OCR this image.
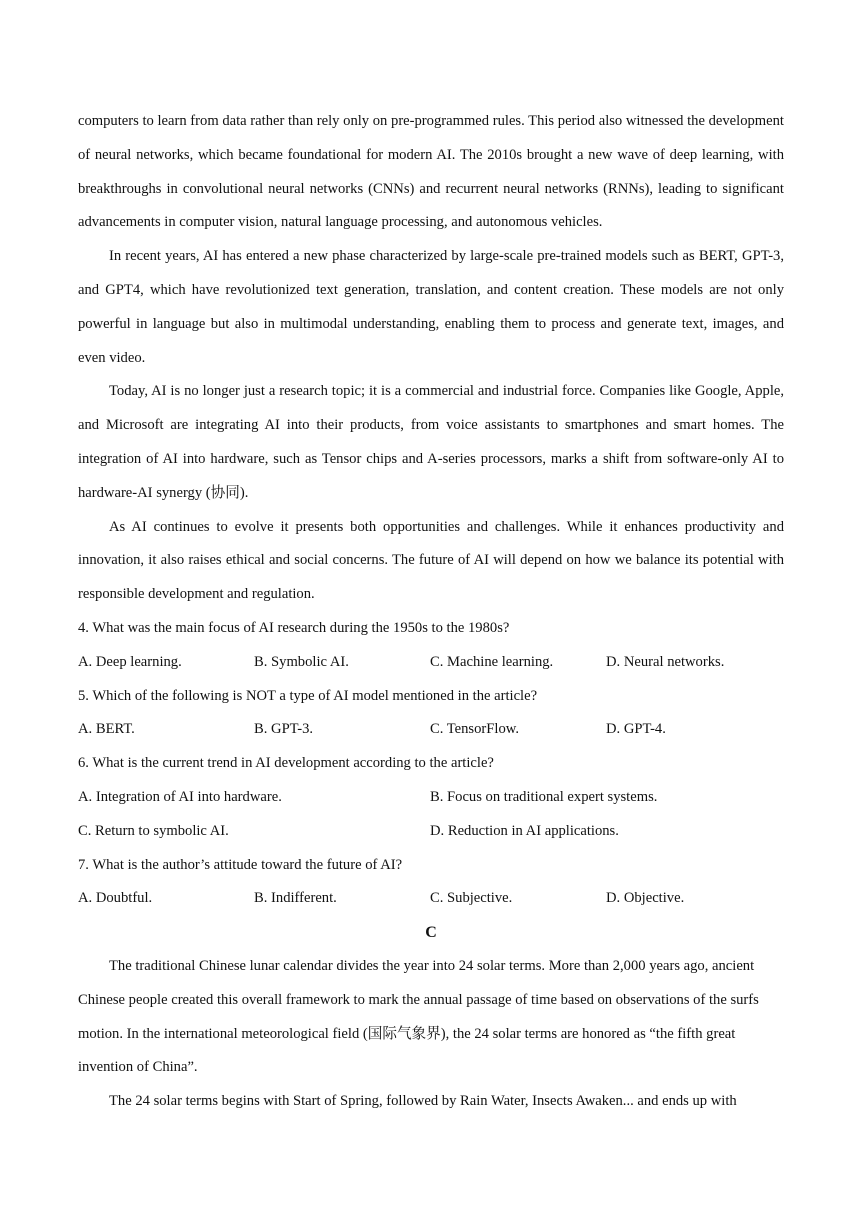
computers to learn from data rather than rely only on pre-programmed rules. This period also witnessed the development of neural networks, which became foundational for modern AI. The 2010s brought a new wave of deep learning, with breakthroughs in convolutional neural networks (CNNs) and recurrent neural networks (RNNs), leading to significant advancements in computer vision, natural language processing, and autonomous vehicles.

In recent years, AI has entered a new phase characterized by large-scale pre-trained models such as BERT, GPT-3, and GPT4, which have revolutionized text generation, translation, and content creation. These models are not only powerful in language but also in multimodal understanding, enabling them to process and generate text, images, and even video.

Today, AI is no longer just a research topic; it is a commercial and industrial force. Companies like Google, Apple, and Microsoft are integrating AI into their products, from voice assistants to smartphones and smart homes. The integration of AI into hardware, such as Tensor chips and A-series processors, marks a shift from software-only AI to hardware-AI synergy (协同).

As AI continues to evolve it presents both opportunities and challenges. While it enhances productivity and innovation, it also raises ethical and social concerns. The future of AI will depend on how we balance its potential with responsible development and regulation.

4. What was the main focus of AI research during the 1950s to the 1980s?

A. Deep learning.	B. Symbolic AI.	C. Machine learning.	D. Neural networks.

5. Which of the following is NOT a type of AI model mentioned in the article?

A. BERT.	B. GPT-3.	C. TensorFlow.	D. GPT-4.

6. What is the current trend in AI development according to the article?

A. Integration of AI into hardware.	B. Focus on traditional expert systems.
C. Return to symbolic AI.	D. Reduction in AI applications.

7. What is the author’s attitude toward the future of AI?

A. Doubtful.	B. Indifferent.	C. Subjective.	D. Objective.

C

The traditional Chinese lunar calendar divides the year into 24 solar terms. More than 2,000 years ago, ancient Chinese people created this overall framework to mark the annual passage of time based on observations of the surfs motion. In the international meteorological field (国际气象界), the 24 solar terms are honored as “the fifth great invention of China”.

The 24 solar terms begins with Start of Spring, followed by Rain Water, Insects Awaken... and ends up with
